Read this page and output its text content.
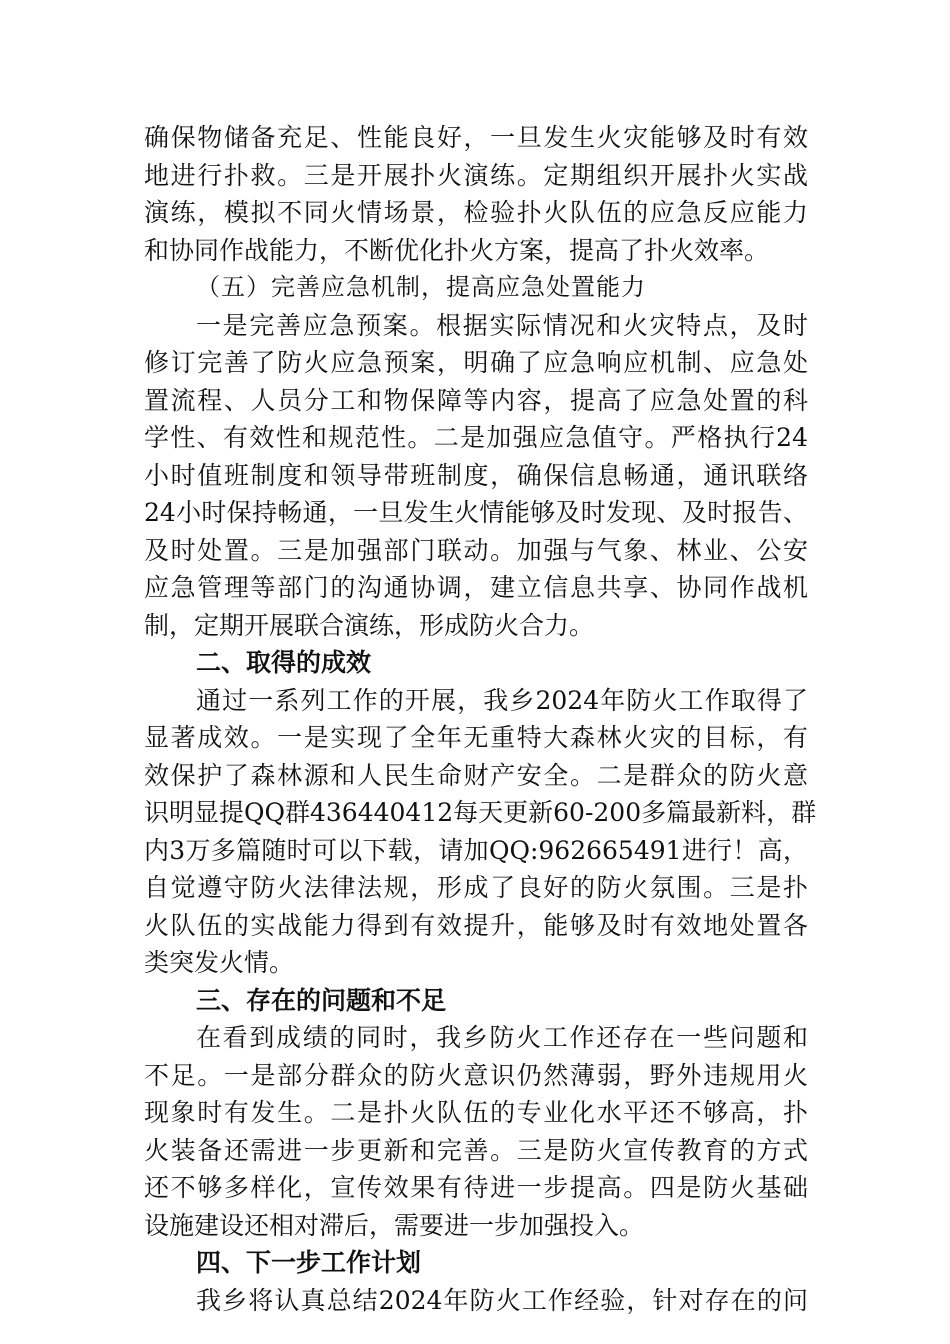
确保物储备充足、性能良好，一旦发生火灾能够及时有效
地进行扑救。三是开展扑火演练。定期组织开展扑火实战
演练，模拟不同火情场景，检验扑火队伍的应急反应能力
和协同作战能力，不断优化扑火方案，提高了扑火效率。
（五）完善应急机制，提高应急处置能力
一是完善应急预案。根据实际情况和火灾特点，及时
修订完善了防火应急预案，明确了应急响应机制、应急处
置流程、人员分工和物保障等内容，提高了应急处置的科
学性、有效性和规范性。二是加强应急值守。严格执行24
小时值班制度和领导带班制度，确保信息畅通，通讯联络
24小时保持畅通，一旦发生火情能够及时发现、及时报告、
及时处置。三是加强部门联动。加强与气象、林业、公安
应急管理等部门的沟通协调，建立信息共享、协同作战机
制，定期开展联合演练，形成防火合力。
二、取得的成效
通过一系列工作的开展，我乡2024年防火工作取得了
显著成效。一是实现了全年无重特大森林火灾的目标，有
效保护了森林源和人民生命财产安全。二是群众的防火意
识明显提QQ群436440412每天更新60-200多篇最新料，群
内3万多篇随时可以下载，请加QQ:962665491进行！高，
自觉遵守防火法律法规，形成了良好的防火氛围。三是扑
火队伍的实战能力得到有效提升，能够及时有效地处置各
类突发火情。
三、存在的问题和不足
在看到成绩的同时，我乡防火工作还存在一些问题和
不足。一是部分群众的防火意识仍然薄弱，野外违规用火
现象时有发生。二是扑火队伍的专业化水平还不够高，扑
火装备还需进一步更新和完善。三是防火宣传教育的方式
还不够多样化，宣传效果有待进一步提高。四是防火基础
设施建设还相对滞后，需要进一步加强投入。
四、下一步工作计划
我乡将认真总结2024年防火工作经验，针对存在的问
